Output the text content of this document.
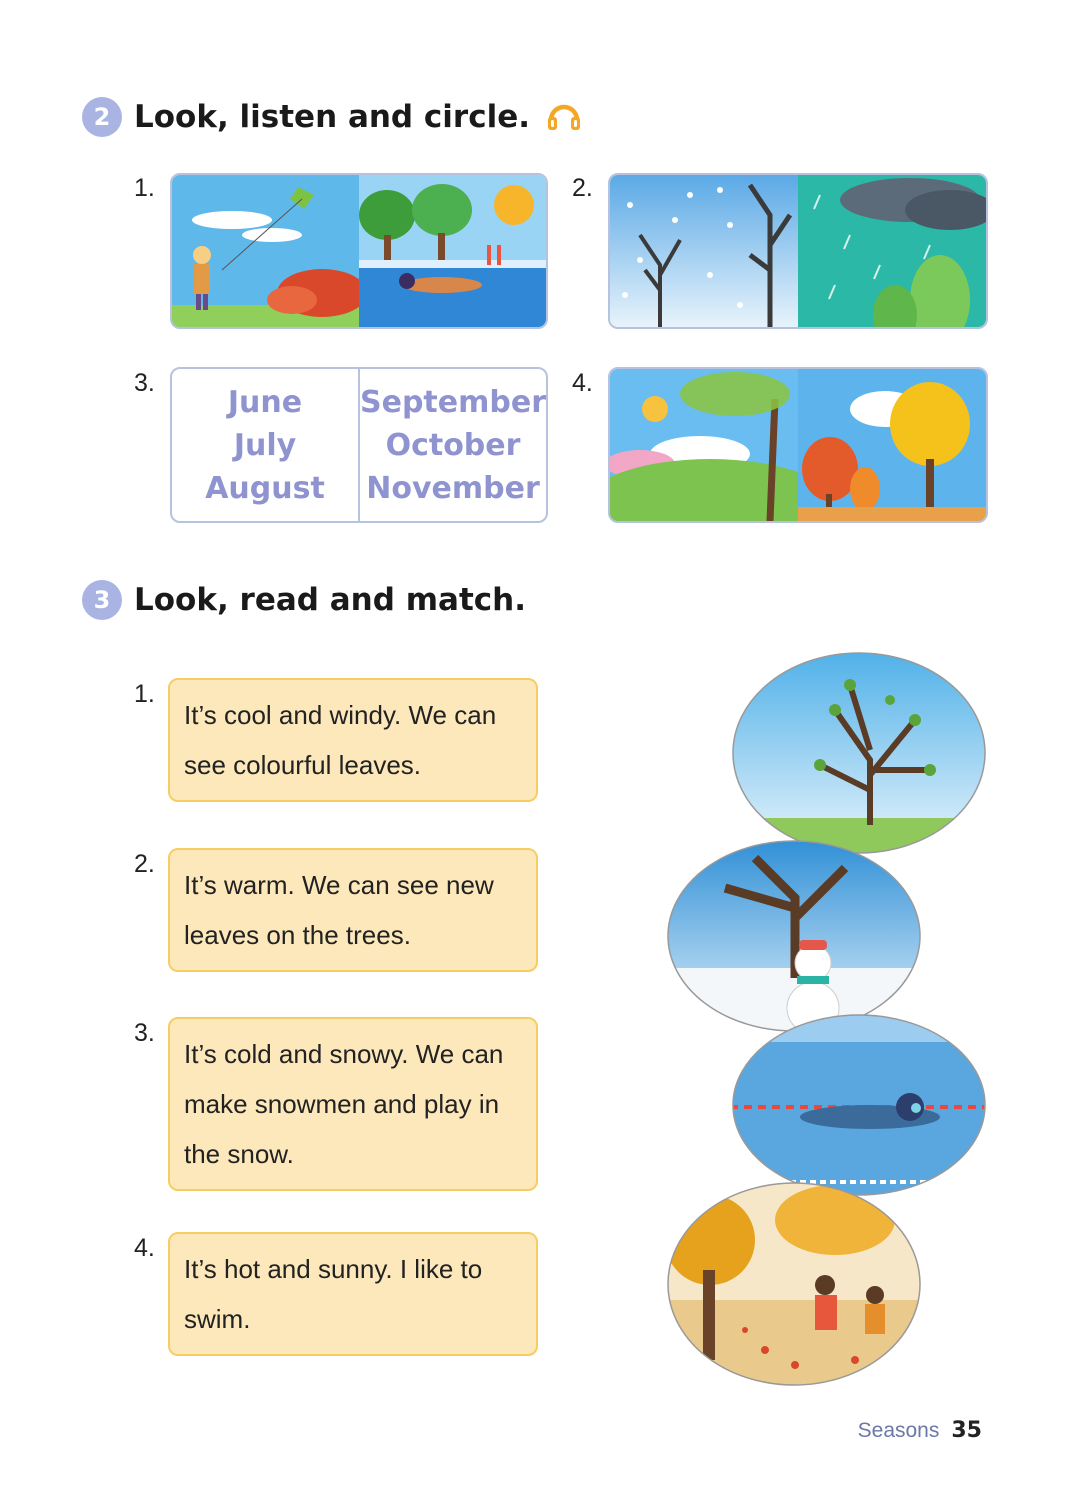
2 Look, listen and circle.
1.	2.
3.	4.
June
July
August
September
October
November
3 Look, read and match.
1.
It’s cool and windy. We can see colourful leaves.
2.
It’s warm. We can see new leaves on the trees.
3.
It’s cold and snowy. We can make snowmen and play in the snow.
4.
It’s hot and sunny. I like to swim.
Seasons 35
